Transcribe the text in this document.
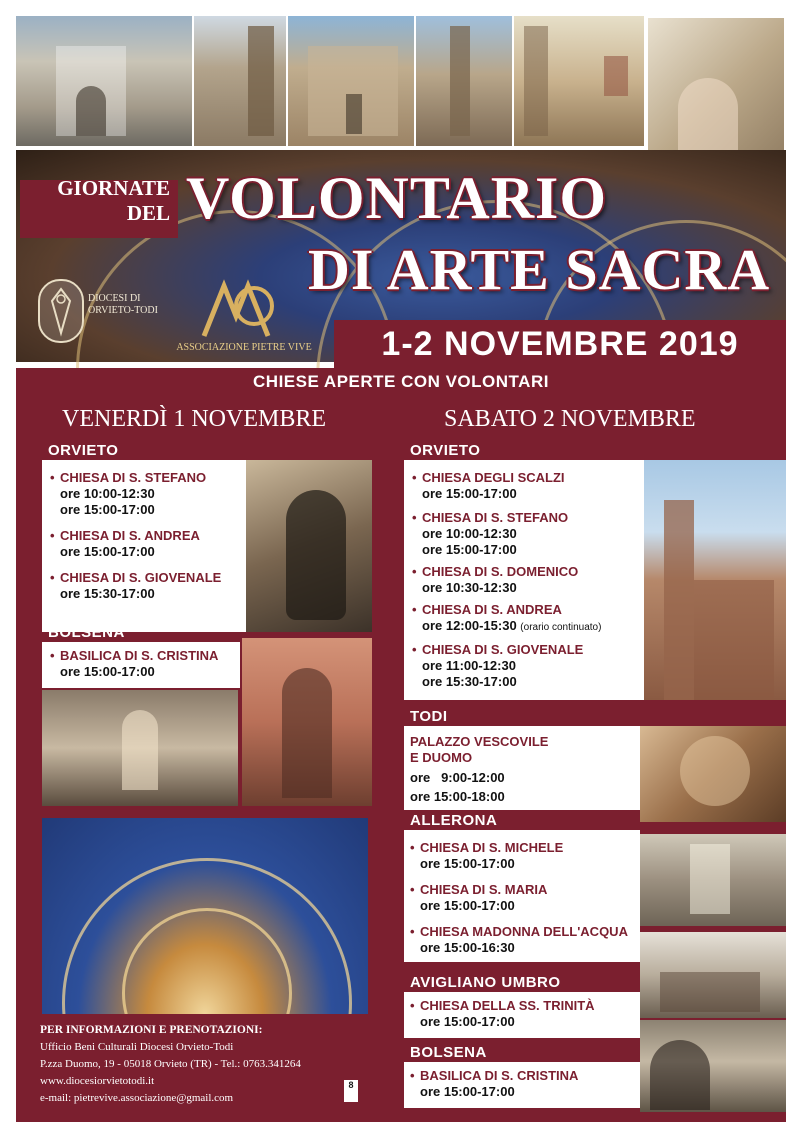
GIORNATE
DEL VOLONTARIO
DI ARTE SACRA
DIOCESI DI
ORVIETO-TODI
ASSOCIAZIONE PIETRE VIVE	1-2 NOVEMBRE 2019
CHIESE APERTE CON VOLONTARI
VENERDÌ 1 NOVEMBRE	SABATO 2 NOVEMBRE
ORVIETO
• CHIESA DI S. STEFANO
ore 10:00-12:30
ore 15:00-17:00
• CHIESA DI S. ANDREA
ore 15:00-17:00
• CHIESA DI S. GIOVENALE
ore 15:30-17:00
BOLSENA
• BASILICA DI S. CRISTINA
ore 15:00-17:00
PER INFORMAZIONI E PRENOTAZIONI:
Ufficio Beni Culturali Diocesi Orvieto-Todi
P.zza Duomo, 19 - 05018 Orvieto (TR) - Tel.: 0763.341264
www.diocesiorvietotodi.it
e-mail: pietrevive.associazione@gmail.com
8
ORVIETO
• CHIESA DEGLI SCALZI
ore 15:00-17:00
• CHIESA DI S. STEFANO
ore 10:00-12:30
ore 15:00-17:00
• CHIESA DI S. DOMENICO
ore 10:30-12:30
• CHIESA DI S. ANDREA
ore 12:00-15:30 (orario continuato)
• CHIESA DI S. GIOVENALE
ore 11:00-12:30
ore 15:30-17:00
TODI
PALAZZO VESCOVILE
E DUOMO
ore   9:00-12:00
ore 15:00-18:00
ALLERONA
• CHIESA DI S. MICHELE
ore 15:00-17:00
• CHIESA DI S. MARIA
ore 15:00-17:00
• CHIESA MADONNA DELL'ACQUA
ore 15:00-16:30
AVIGLIANO UMBRO
• CHIESA DELLA SS. TRINITÀ
ore 15:00-17:00
BOLSENA
• BASILICA DI S. CRISTINA
ore 15:00-17:00
